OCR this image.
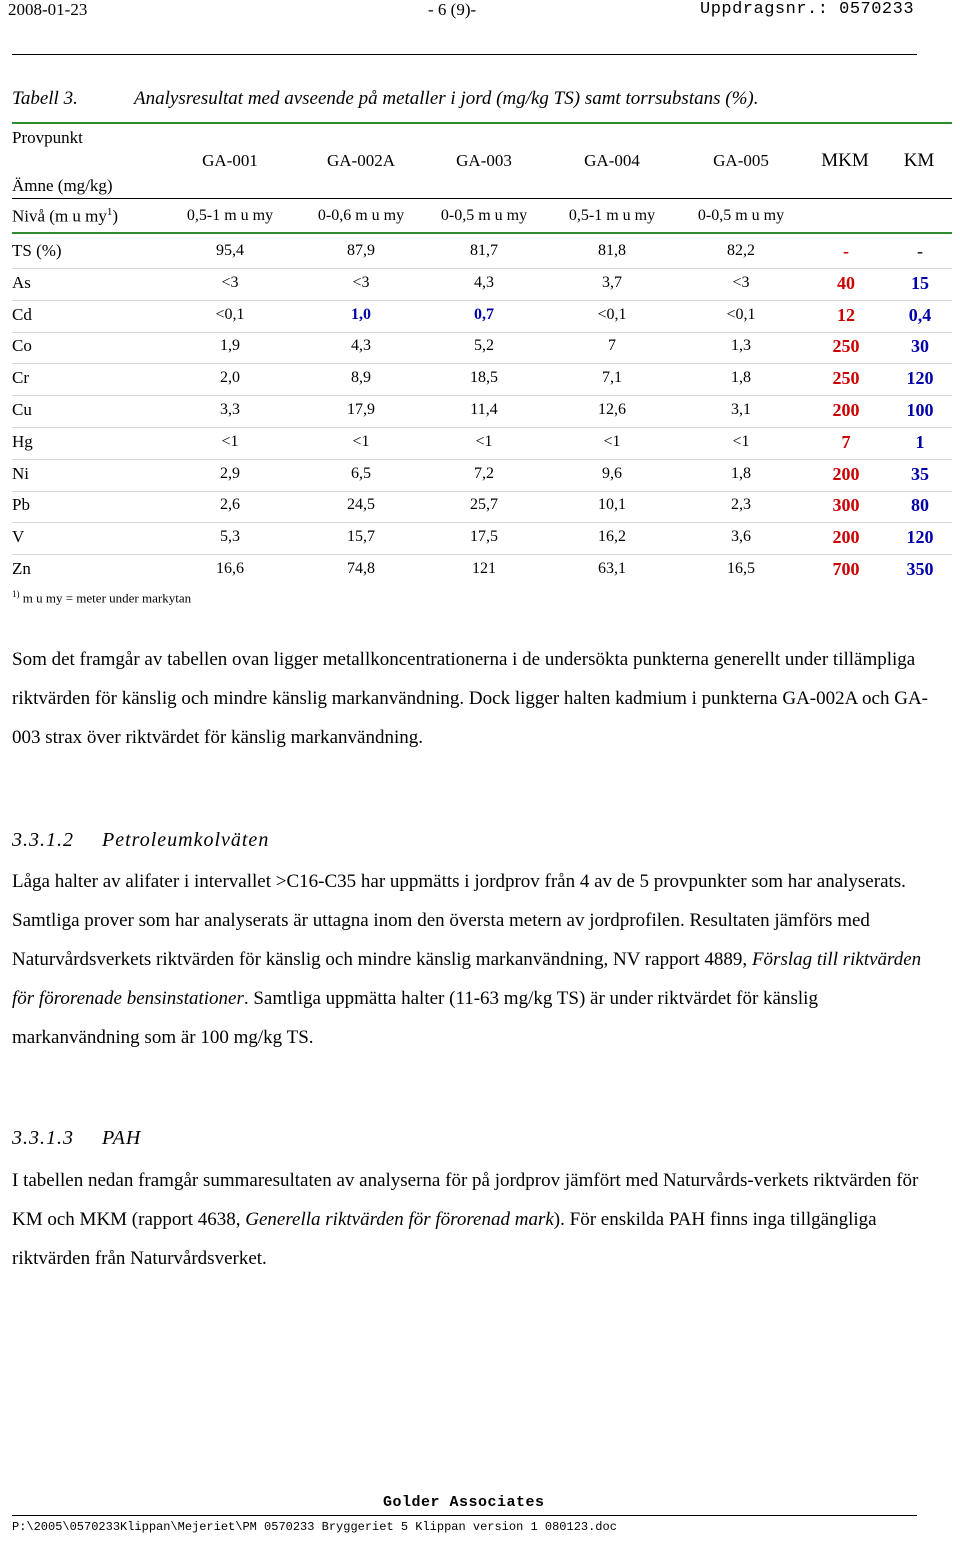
2008-01-23	- 6 (9)-	Uppdragsnr.: 0570233
Tabell 3.	Analysresultat med avseende på metaller i jord (mg/kg TS) samt torrsubstans (%).
Provpunkt
Ämne (mg/kg)
GA-001	GA-002A	GA-003	GA-004	GA-005	MKM	KM
Nivå (m u $my^1$)	0,5-1 m u my	0-0,6 m u my	0-0,5 m u my	0,5-1 m u my	0-0,5 m u my
TS (%)	95,4	87,9	81,7	81,8	82,2	-	-
As	<3	<3	4,3	3,7	<3	40	15
Cd	<0,1	1,0	0,7	<0,1	<0,1	12	0,4
Co	1,9	4,3	5,2	7	1,3	250	30
Cr	2,0	8,9	18,5	7,1	1,8	250	120
Cu	3,3	17,9	11,4	12,6	3,1	200	100
Hg	<1	<1	<1	<1	<1	7	1
Ni	2,9	6,5	7,2	9,6	1,8	200	35
Pb	2,6	24,5	25,7	10,1	2,3	300	80
V	5,3	15,7	17,5	16,2	3,6	200	120
Zn	16,6	74,8	121	63,1	16,5	700	350
$^{1)}$ m u my = meter under markytan

Som det framgår av tabellen ovan ligger metallkoncentrationerna i de undersökta punkterna generellt under tillämpliga riktvärden för känslig och mindre känslig markanvändning. Dock ligger halten kadmium i punkterna GA-002A och GA-003 strax över riktvärdet för känslig markanvändning.

3.3.1.2 Petroleumkolväten

Låga halter av alifater i intervallet >C16-C35 har uppmätts i jordprov från 4 av de 5 provpunkter som har analyserats. Samtliga prover som har analyserats är uttagna inom den översta metern av jordprofilen. Resultaten jämförs med Naturvårdsverkets riktvärden för känslig och mindre känslig markanvändning, NV rapport 4889, Förslag till riktvärden för förorenade bensinstationer. Samtliga uppmätta halter (11-63 mg/kg TS) är under riktvärdet för känslig markanvändning som är 100 mg/kg TS.

3.3.1.3 PAH

I tabellen nedan framgår summaresultaten av analyserna för på jordprov jämfört med Naturvårds-verkets riktvärden för KM och MKM (rapport 4638, Generella riktvärden för förorenad mark). För enskilda PAH finns inga tillgängliga riktvärden från Naturvårdsverket.

Golder Associates
P:\2005\0570233Klippan\Mejeriet\PM 0570233 Bryggeriet 5 Klippan version 1 080123.doc
